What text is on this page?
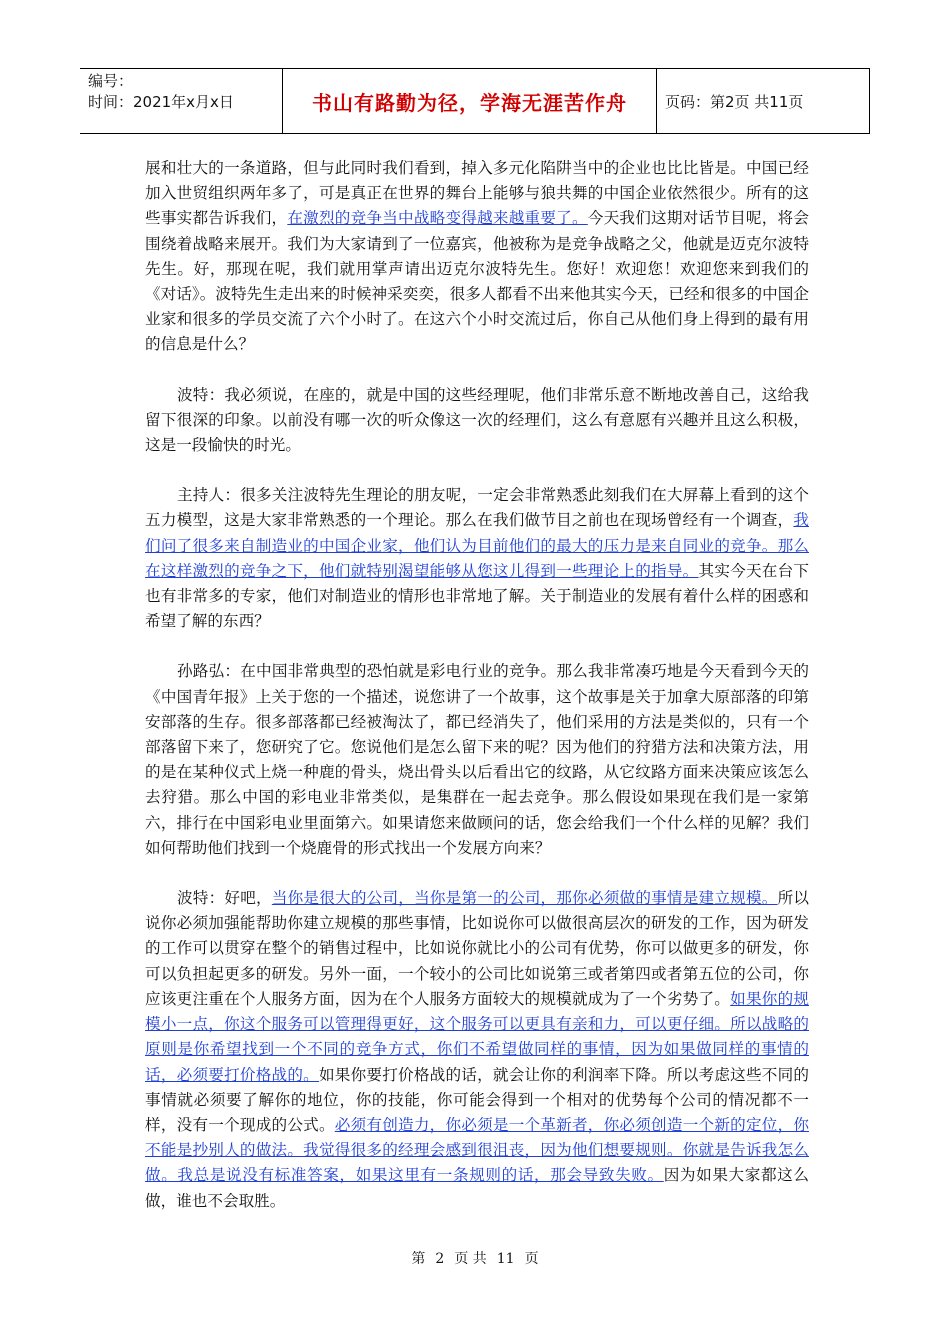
编号：
时间：2021年x月x日	书山有路勤为径，学海无涯苦作舟	页码：第2页 共11页

展和壮大的一条道路，但与此同时我们看到，掉入多元化陷阱当中的企业也比比皆是。中国已经加入世贸组织两年多了，可是真正在世界的舞台上能够与狼共舞的中国企业依然很少。所有的这些事实都告诉我们，在激烈的竞争当中战略变得越来越重要了。今天我们这期对话节目呢，将会围绕着战略来展开。我们为大家请到了一位嘉宾，他被称为是竞争战略之父，他就是迈克尔波特先生。好，那现在呢，我们就用掌声请出迈克尔波特先生。您好！欢迎您！欢迎您来到我们的《对话》。波特先生走出来的时候神采奕奕，很多人都看不出来他其实今天，已经和很多的中国企业家和很多的学员交流了六个小时了。在这六个小时交流过后，你自己从他们身上得到的最有用的信息是什么？

波特：我必须说，在座的，就是中国的这些经理呢，他们非常乐意不断地改善自己，这给我留下很深的印象。以前没有哪一次的听众像这一次的经理们，这么有意愿有兴趣并且这么积极，这是一段愉快的时光。

主持人：很多关注波特先生理论的朋友呢，一定会非常熟悉此刻我们在大屏幕上看到的这个五力模型，这是大家非常熟悉的一个理论。那么在我们做节目之前也在现场曾经有一个调查，我们问了很多来自制造业的中国企业家，他们认为目前他们的最大的压力是来自同业的竞争。那么在这样激烈的竞争之下，他们就特别渴望能够从您这儿得到一些理论上的指导。其实今天在台下也有非常多的专家，他们对制造业的情形也非常地了解。关于制造业的发展有着什么样的困惑和希望了解的东西？

孙路弘：在中国非常典型的恐怕就是彩电行业的竞争。那么我非常凑巧地是今天看到今天的《中国青年报》上关于您的一个描述，说您讲了一个故事，这个故事是关于加拿大原部落的印第安部落的生存。很多部落都已经被淘汰了，都已经消失了，他们采用的方法是类似的，只有一个部落留下来了，您研究了它。您说他们是怎么留下来的呢？因为他们的狩猎方法和决策方法，用的是在某种仪式上烧一种鹿的骨头，烧出骨头以后看出它的纹路，从它纹路方面来决策应该怎么去狩猎。那么中国的彩电业非常类似，是集群在一起去竞争。那么假设如果现在我们是一家第六，排行在中国彩电业里面第六。如果请您来做顾问的话，您会给我们一个什么样的见解？我们如何帮助他们找到一个烧鹿骨的形式找出一个发展方向来？

波特：好吧，当你是很大的公司，当你是第一的公司，那你必须做的事情是建立规模。所以说你必须加强能帮助你建立规模的那些事情，比如说你可以做很高层次的研发的工作，因为研发的工作可以贯穿在整个的销售过程中，比如说你就比小的公司有优势，你可以做更多的研发，你可以负担起更多的研发。另外一面，一个较小的公司比如说第三或者第四或者第五位的公司，你应该更注重在个人服务方面，因为在个人服务方面较大的规模就成为了一个劣势了。如果你的规模小一点，你这个服务可以管理得更好，这个服务可以更具有亲和力，可以更仔细。所以战略的原则是你希望找到一个不同的竞争方式，你们不希望做同样的事情，因为如果做同样的事情的话，必须要打价格战的。如果你要打价格战的话，就会让你的利润率下降。所以考虑这些不同的事情就必须要了解你的地位，你的技能，你可能会得到一个相对的优势每个公司的情况都不一样，没有一个现成的公式。必须有创造力，你必须是一个革新者，你必须创造一个新的定位，你不能是抄别人的做法。我觉得很多的经理会感到很沮丧，因为他们想要规则。你就是告诉我怎么做。我总是说没有标准答案，如果这里有一条规则的话，那会导致失败。因为如果大家都这么做，谁也不会取胜。

第 2 页 共 11 页
